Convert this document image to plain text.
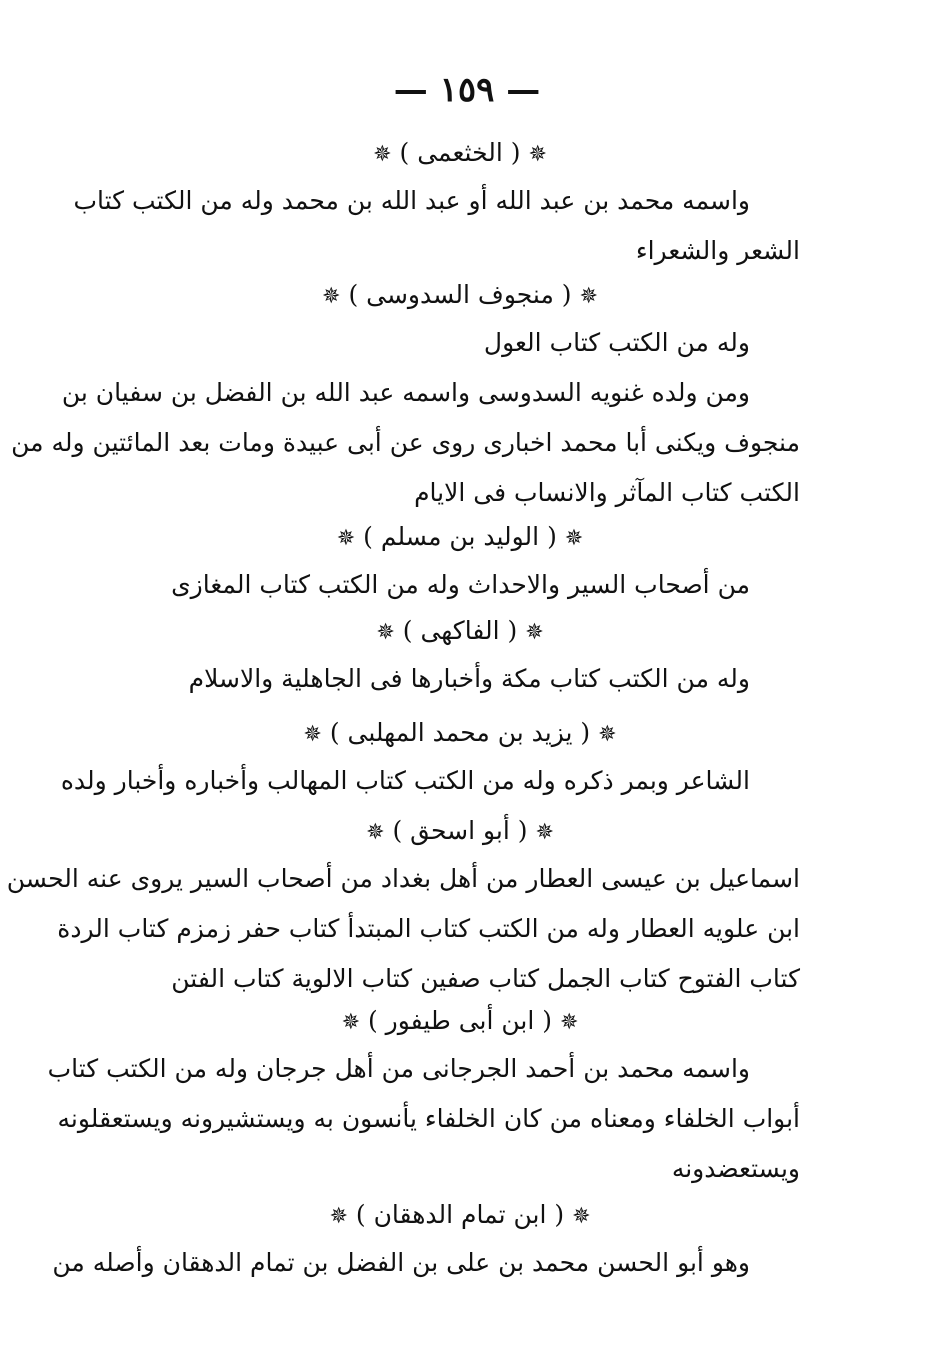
— ١٥٩ —
✵ ( الخثعمى ) ✵
واسمه محمد بن عبد الله أو عبد الله بن محمد وله من الكتب كتاب
الشعر والشعراء
✵ ( منجوف السدوسى ) ✵
وله من الكتب كتاب العول
ومن ولده غنويه السدوسى واسمه عبد الله بن الفضل بن سفيان بن
منجوف ويكنى أبا محمد اخبارى روى عن أبى عبيدة ومات بعد المائتين وله من
الكتب كتاب المآثر والانساب فى الايام
✵ ( الوليد بن مسلم ) ✵
من أصحاب السير والاحداث وله من الكتب كتاب المغازى
✵ ( الفاكهى ) ✵
وله من الكتب كتاب مكة وأخبارها فى الجاهلية والاسلام
✵ ( يزيد بن محمد المهلبى ) ✵
الشاعر وبمر ذكره وله من الكتب كتاب المهالب وأخباره وأخبار ولده
✵ ( أبو اسحق ) ✵
اسماعيل بن عيسى العطار من أهل بغداد من أصحاب السير يروى عنه الحسن
ابن علويه العطار وله من الكتب كتاب المبتدأ كتاب حفر زمزم كتاب الردة
كتاب الفتوح كتاب الجمل كتاب صفين كتاب الالوية كتاب الفتن
✵ ( ابن أبى طيفور ) ✵
واسمه محمد بن أحمد الجرجانى من أهل جرجان وله من الكتب كتاب
أبواب الخلفاء ومعناه من كان الخلفاء يأنسون به ويستشيرونه ويستعقلونه
ويستعضدونه
✵ ( ابن تمام الدهقان ) ✵
وهو أبو الحسن محمد بن على بن الفضل بن تمام الدهقان وأصله من
